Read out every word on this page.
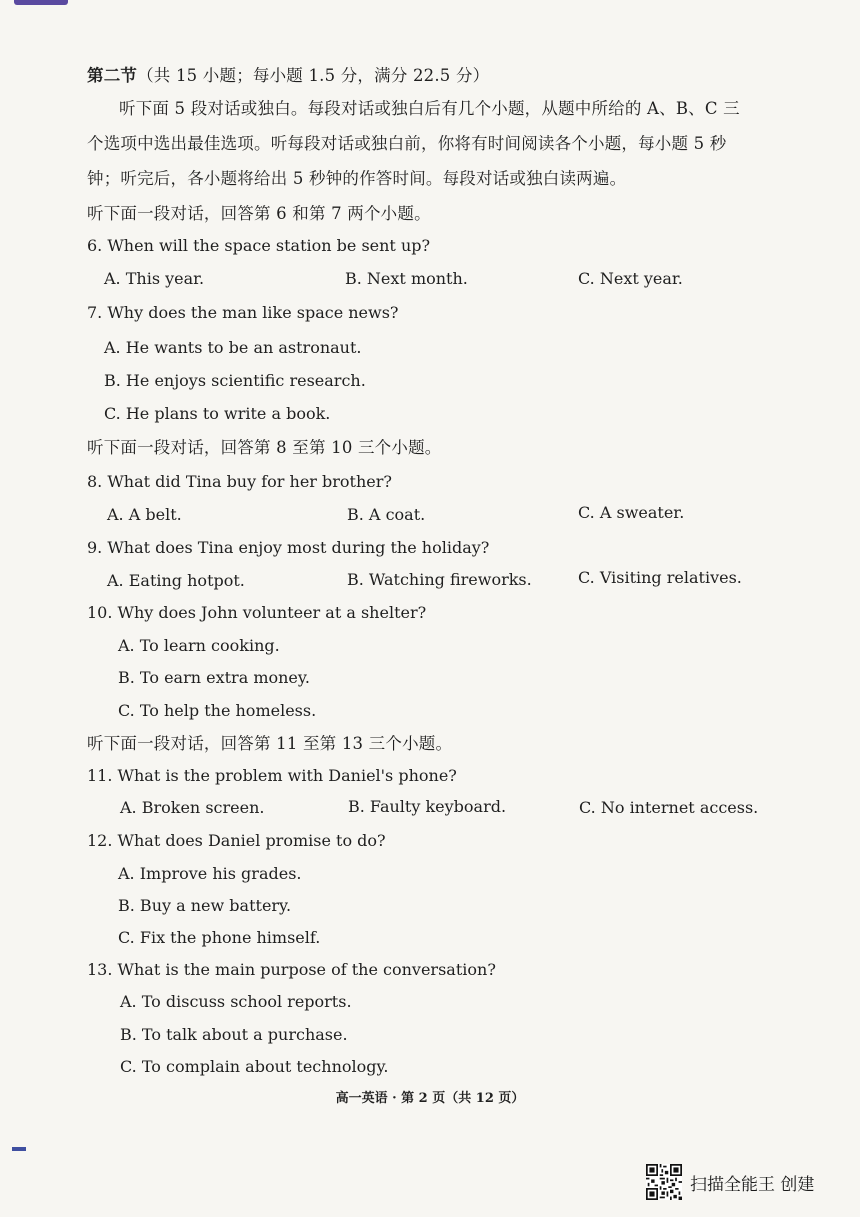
第二节（共 15 小题；每小题 1.5 分，满分 22.5 分）
听下面 5 段对话或独白。每段对话或独白后有几个小题，从题中所给的 A、B、C 三
个选项中选出最佳选项。听每段对话或独白前，你将有时间阅读各个小题，每小题 5 秒
钟；听完后，各小题将给出 5 秒钟的作答时间。每段对话或独白读两遍。
听下面一段对话，回答第 6 和第 7 两个小题。
6. When will the space station be sent up?
A. This year.	B. Next month.	C. Next year.
7. Why does the man like space news?
A. He wants to be an astronaut.
B. He enjoys scientific research.
C. He plans to write a book.
听下面一段对话，回答第 8 至第 10 三个小题。
8. What did Tina buy for her brother?
A. A belt.	B. A coat.	C. A sweater.
9. What does Tina enjoy most during the holiday?
A. Eating hotpot.	B. Watching fireworks.	C. Visiting relatives.
10. Why does John volunteer at a shelter?
A. To learn cooking.
B. To earn extra money.
C. To help the homeless.
听下面一段对话，回答第 11 至第 13 三个小题。
11. What is the problem with Daniel's phone?
A. Broken screen.	B. Faulty keyboard.	C. No internet access.
12. What does Daniel promise to do?
A. Improve his grades.
B. Buy a new battery.
C. Fix the phone himself.
13. What is the main purpose of the conversation?
A. To discuss school reports.
B. To talk about a purchase.
C. To complain about technology.
高一英语 · 第 2 页（共 12 页）
扫描全能王 创建
